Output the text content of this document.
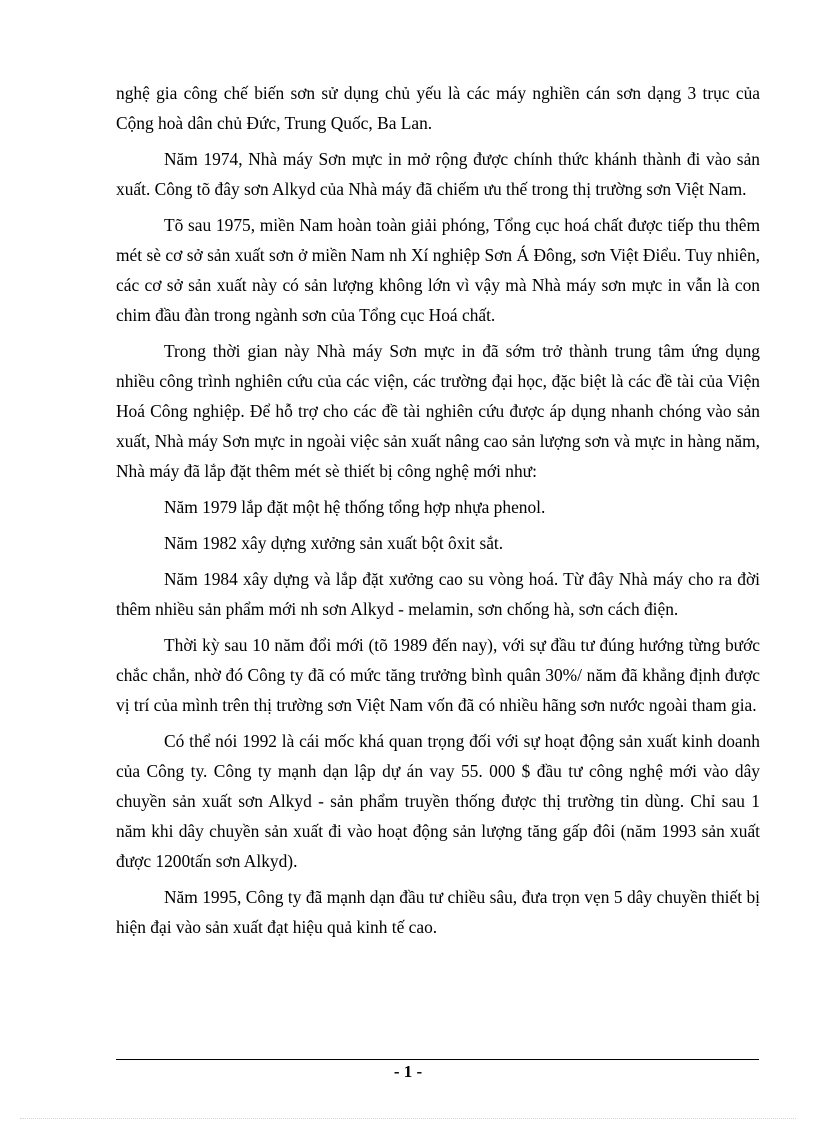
nghệ gia công chế biến sơn sử dụng chủ yếu là các máy nghiền cán sơn dạng 3 trục của Cộng hoà dân chủ Đức, Trung Quốc, Ba Lan.

Năm 1974, Nhà máy Sơn mực in mở rộng được chính thức khánh thành đi vào sản xuất. Công tõ đây sơn Alkyd của Nhà máy đã chiếm ưu thế trong thị trường sơn Việt Nam.

Tõ sau 1975, miền Nam hoàn toàn giải phóng, Tổng cục hoá chất được tiếp thu thêm mét sè cơ sở sản xuất sơn ở miền Nam nh Xí nghiệp Sơn Á Đông, sơn Việt Điểu. Tuy nhiên, các cơ sở sản xuất này có sản lượng không lớn vì vậy mà Nhà máy sơn mực in vẫn là con chim đầu đàn trong ngành sơn của Tổng cục Hoá chất.

Trong thời gian này Nhà máy Sơn mực in đã sớm trở thành trung tâm ứng dụng nhiều công trình nghiên cứu của các viện, các trường đại học, đặc biệt là các đề tài của Viện Hoá Công nghiệp. Để hỗ trợ cho các đề tài nghiên cứu được áp dụng nhanh chóng vào sản xuất, Nhà máy Sơn mực in ngoài việc sản xuất nâng cao sản lượng sơn và mực in hàng năm, Nhà máy đã lắp đặt thêm mét sè thiết bị công nghệ mới như:

Năm 1979 lắp đặt một hệ thống tổng hợp nhựa phenol.

Năm 1982 xây dựng xưởng sản xuất bột ôxit sắt.

Năm 1984 xây dựng và lắp đặt xưởng cao su vòng hoá. Từ đây Nhà máy cho ra đời thêm nhiều sản phẩm mới nh sơn Alkyd - melamin, sơn chống hà, sơn cách điện.

Thời kỳ sau 10 năm đổi mới (tõ 1989 đến nay), với sự đầu tư đúng hướng từng bước chắc chắn, nhờ đó Công ty đã có mức tăng trưởng bình quân 30%/ năm đã khẳng định được vị trí của mình trên thị trường sơn Việt Nam vốn đã có nhiều hãng sơn nước ngoài tham gia.

Có thể nói 1992 là cái mốc khá quan trọng đối với sự hoạt động sản xuất kinh doanh của Công ty. Công ty mạnh dạn lập dự án vay 55. 000 $ đầu tư công nghệ mới vào dây chuyền sản xuất sơn Alkyd - sản phẩm truyền thống được thị trường tin dùng. Chỉ sau 1 năm khi dây chuyền sản xuất đi vào hoạt động sản lượng tăng gấp đôi (năm 1993 sản xuất được 1200tấn sơn Alkyd).

Năm 1995, Công ty đã mạnh dạn đầu tư chiều sâu, đưa trọn vẹn 5 dây chuyền thiết bị hiện đại vào sản xuất đạt hiệu quả kinh tế cao.

- 1 -
